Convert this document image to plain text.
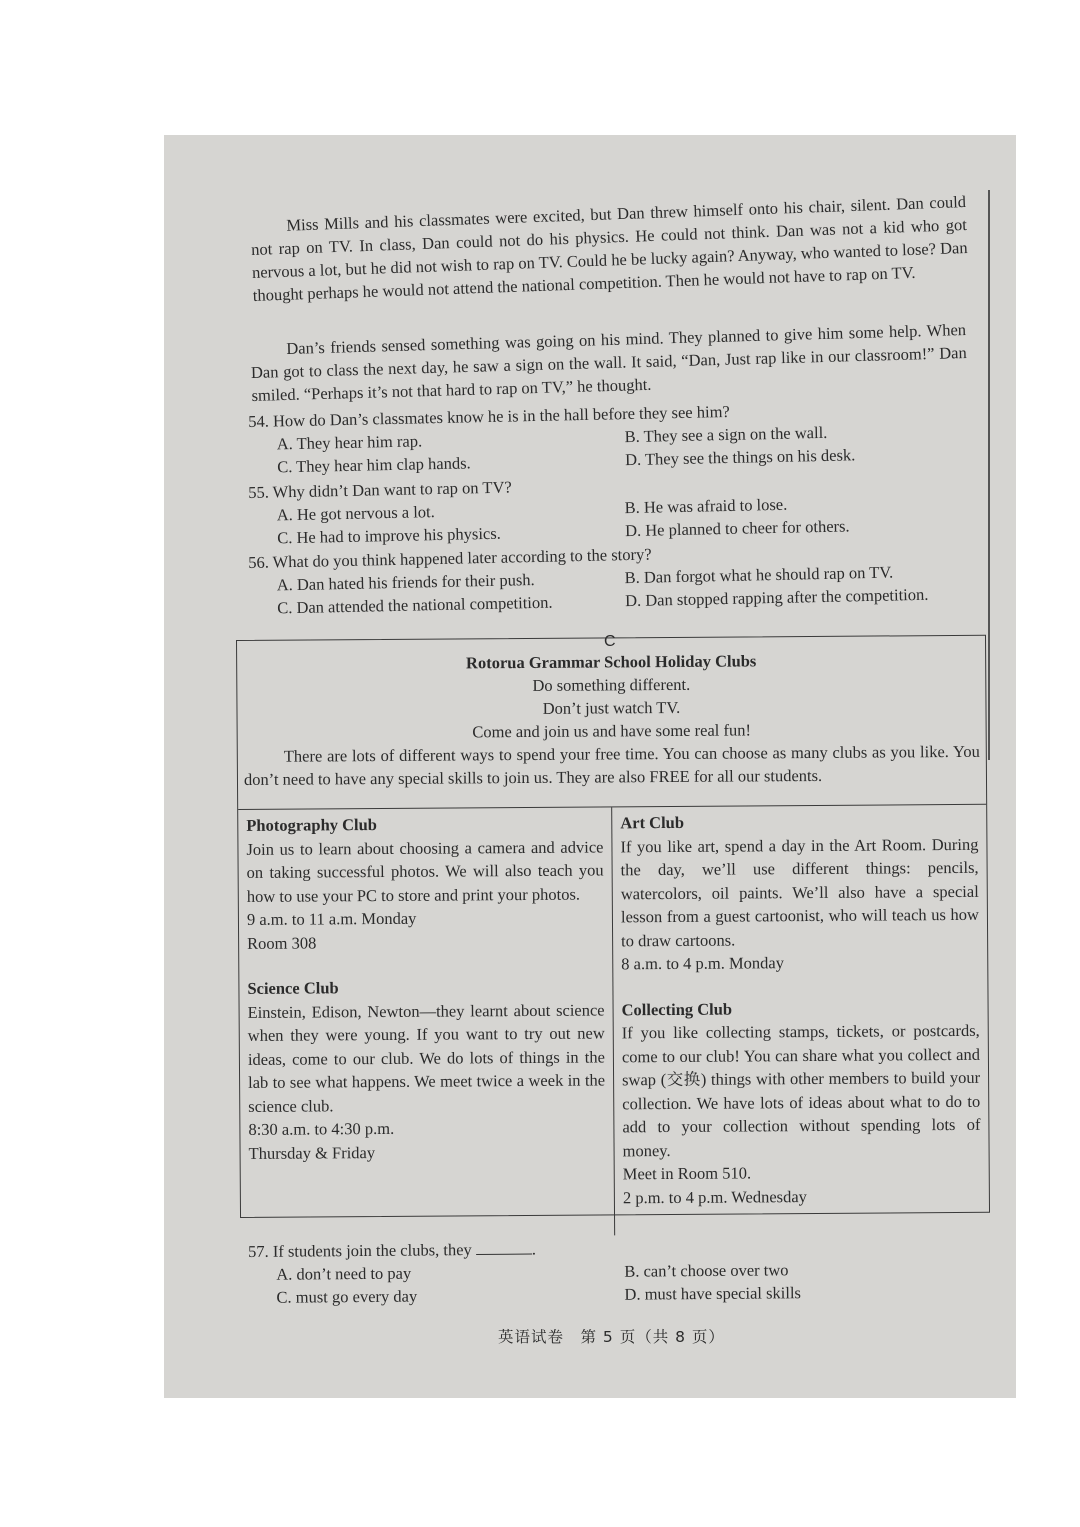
Miss Mills and his classmates were excited, but Dan threw himself onto his chair, silent. Dan could not rap on TV. In class, Dan could not do his physics. He could not think. Dan was not a kid who got nervous a lot, but he did not wish to rap on TV. Could he be lucky again? Anyway, who wanted to lose? Dan thought perhaps he would not attend the national competition. Then he would not have to rap on TV.
Dan’s friends sensed something was going on his mind. They planned to give him some help. When Dan got to class the next day, he saw a sign on the wall. It said, “Dan, Just rap like in our classroom!” Dan smiled. “Perhaps it’s not that hard to rap on TV,” he thought.
54. How do Dan’s classmates know he is in the hall before they see him?
A. They hear him rap.	B. They see a sign on the wall.
C. They hear him clap hands.	D. They see the things on his desk.
55. Why didn’t Dan want to rap on TV?
A. He got nervous a lot.	B. He was afraid to lose.
C. He had to improve his physics.	D. He planned to cheer for others.
56. What do you think happened later according to the story?
A. Dan hated his friends for their push.	B. Dan forgot what he should rap on TV.
C. Dan attended the national competition.	D. Dan stopped rapping after the competition.
C
Rotorua Grammar School Holiday Clubs
Do something different.
Don’t just watch TV.
Come and join us and have some real fun!
There are lots of different ways to spend your free time. You can choose as many clubs as you like. You don’t need to have any special skills to join us. They are also FREE for all our students.
Photography Club
Join us to learn about choosing a camera and advice on taking successful photos. We will also teach you how to use your PC to store and print your photos.
9 a.m. to 11 a.m. Monday
Room 308
Science Club
Einstein, Edison, Newton—they learnt about science when they were young. If you want to try out new ideas, come to our club. We do lots of things in the lab to see what happens. We meet twice a week in the science club.
8:30 a.m. to 4:30 p.m.
Thursday & Friday
Art Club
If you like art, spend a day in the Art Room. During the day, we’ll use different things: pencils, watercolors, oil paints. We’ll also have a special lesson from a guest cartoonist, who will teach us how to draw cartoons.
8 a.m. to 4 p.m. Monday
Collecting Club
If you like collecting stamps, tickets, or postcards, come to our club! You can share what you collect and swap (交换) things with other members to build your collection. We have lots of ideas about what to do to add to your collection without spending lots of money.
Meet in Room 510.
2 p.m. to 4 p.m. Wednesday
57. If students join the clubs, they	.
A. don’t need to pay	B. can’t choose over two
C. must go every day	D. must have special skills
英语试卷　第 5 页（共 8 页）
